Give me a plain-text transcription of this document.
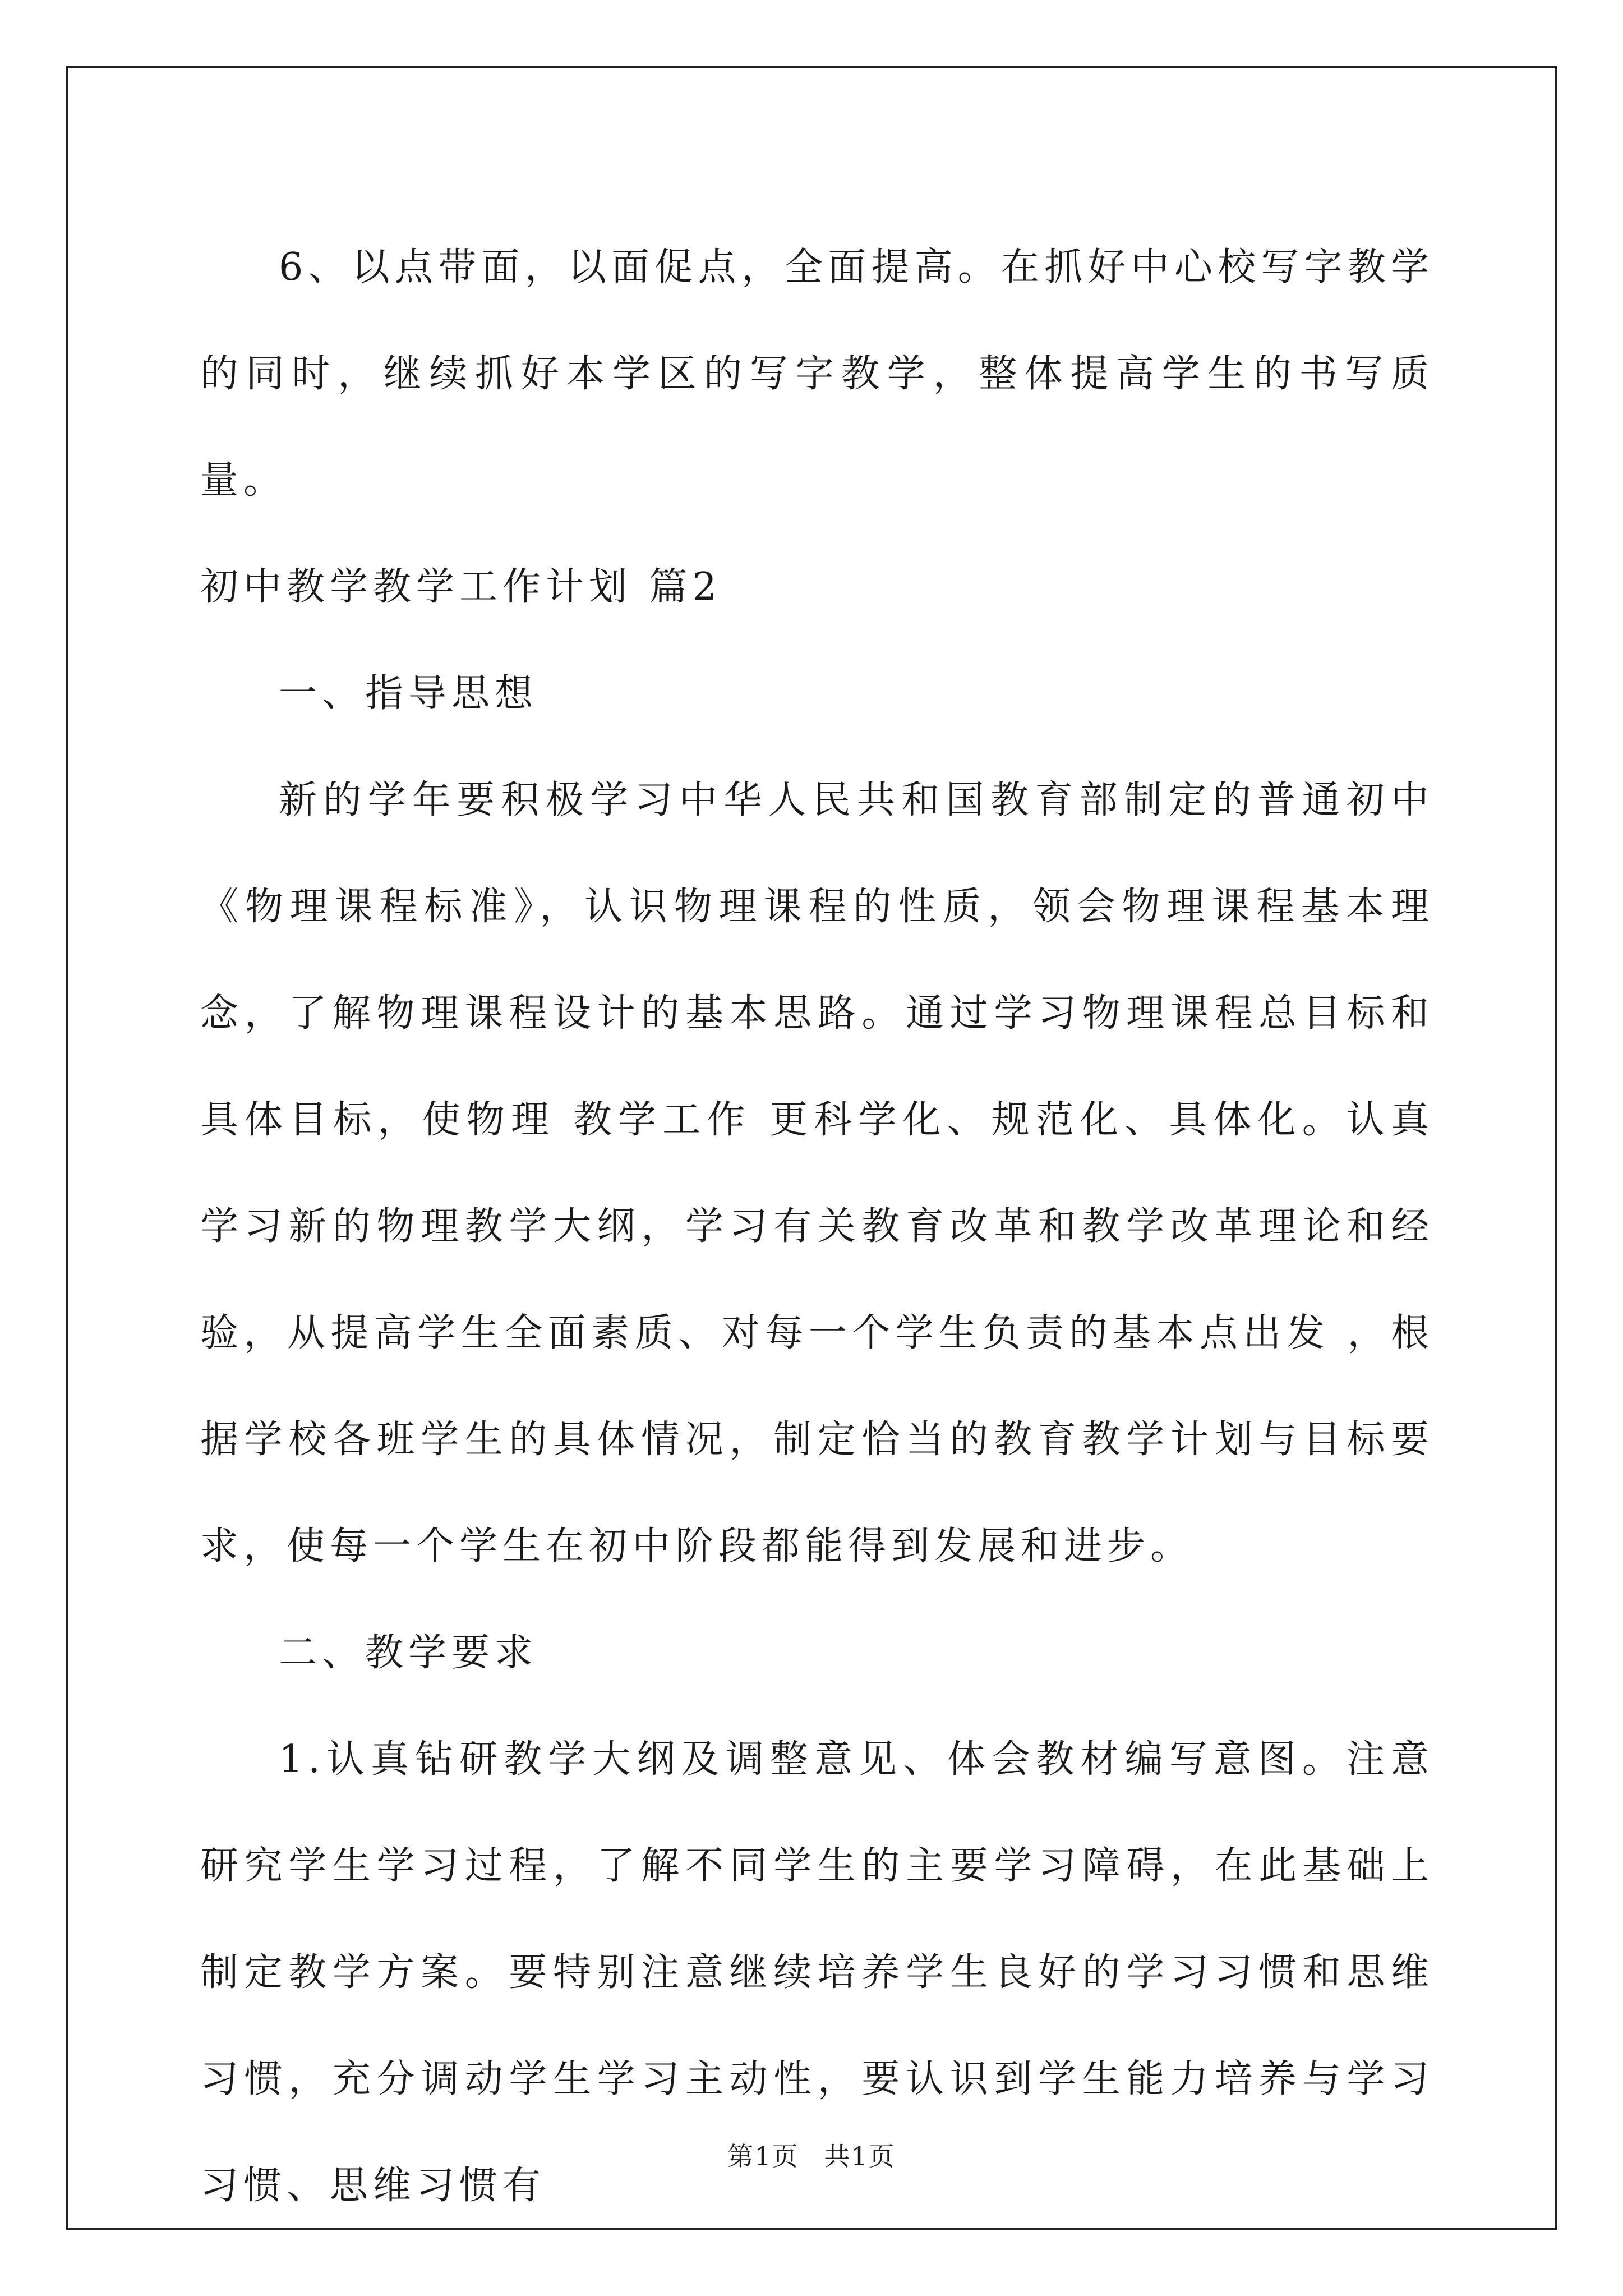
6、以点带面，以面促点，全面提高。在抓好中心校写字教学的同时，继续抓好本学区的写字教学，整体提高学生的书写质量。

初中教学教学工作计划 篇2

一、指导思想

新的学年要积极学习中华人民共和国教育部制定的普通初中《物理课程标准》，认识物理课程的性质，领会物理课程基本理念，了解物理课程设计的基本思路。通过学习物理课程总目标和具体目标，使物理 教学工作 更科学化、规范化、具体化。认真学习新的物理教学大纲，学习有关教育改革和教学改革理论和经验，从提高学生全面素质、对每一个学生负责的基本点出发 ，根据学校各班学生的具体情况，制定恰当的教育教学计划与目标要求，使每一个学生在初中阶段都能得到发展和进步。

二、教学要求

1.认真钻研教学大纲及调整意见、体会教材编写意图。注意研究学生学习过程，了解不同学生的主要学习障碍，在此基础上制定教学方案。要特别注意继续培养学生良好的学习习惯和思维习惯，充分调动学生学习主动性，要认识到学生能力培养与学习习惯、思维习惯有

第1页 共1页
